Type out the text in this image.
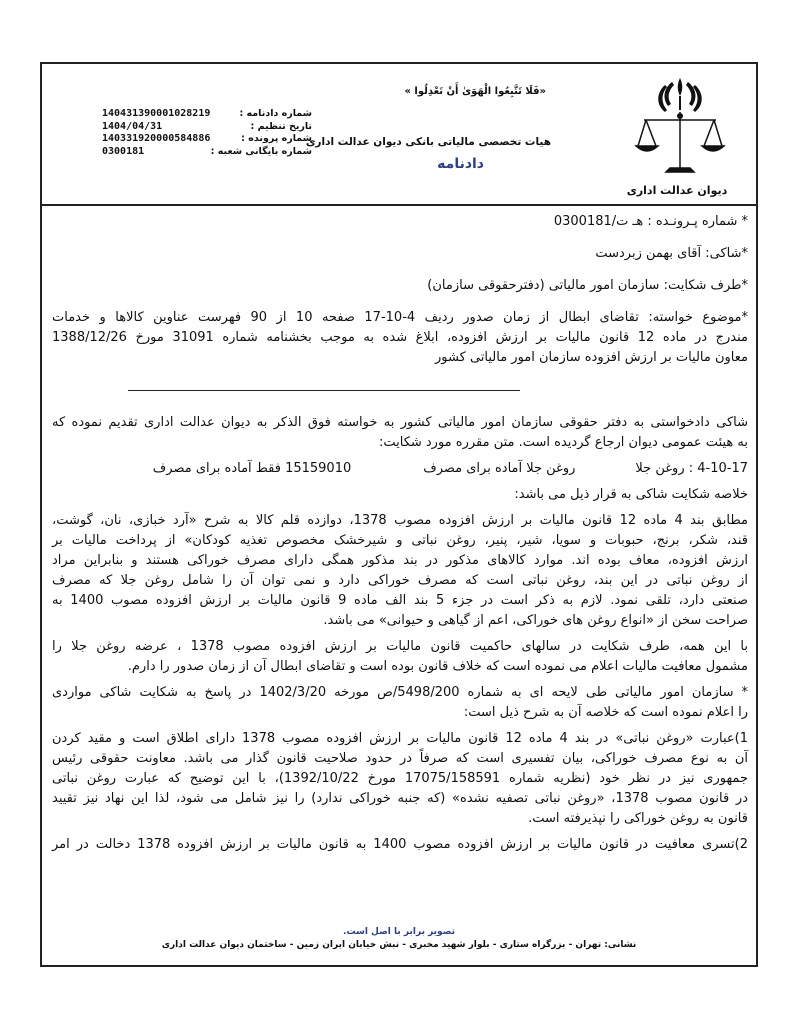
دیوان عدالت اداری
«فَلَا تَتَّبِعُوا الْهَوَىٰ أَنْ تَعْدِلُوا »
هیات تخصصی مالیاتی بانکی دیوان عدالت اداری
دادنامه
شماره دادنامه :
140431390001028219
تاریخ تنظیم :
1404/04/31
شماره پرونده :
140331920000584886
شماره بایگانی شعبه :
0300181

* شماره پـرونـده : هـ ت/0300181

*شاکی: آقای بهمن زبردست

*طرف شکایت: سازمان امور مالیاتی (دفترحقوقی سازمان)

*موضوع خواسته: تقاضای ابطال از زمان صدور ردیف 4-10-17 صفحه 10 از 90 فهرست عناوین کالاها و خدمات

مندرج در ماده 12 قانون مالیات بر ارزش افزوده، ابلاغ شده به موجب بخشنامه شماره 31091 مورخ 1388/12/26

معاون مالیات بر ارزش افزوده سازمان امور مالیاتی کشور

شاکی دادخواستی به دفتر حقوقی سازمان امور مالیاتی کشور به خواسته فوق الذکر به دیوان عدالت اداری تقدیم نموده که

به هیئت عمومی دیوان ارجاع گردیده است. متن مقرره مورد شکایت:

4-10-17 : روغن جلا
روغن جلا آماده برای مصرف
15159010 فقط آماده برای مصرف

خلاصه شکایت شاکی به قرار ذیل می باشد:

مطابق بند 4 ماده 12 قانون مالیات بر ارزش افزوده مصوب 1378، دوازده قلم کالا به شرح «آرد خبازی، نان، گوشت،

قند، شکر، برنج، حبوبات و سویا، شیر، پنیر، روغن نباتی و شیرخشک مخصوص تغذیه کودکان» از پرداخت مالیات بر

ارزش افزوده، معاف بوده اند. موارد کالاهای مذکور در بند مذکور همگی دارای مصرف خوراکی هستند و بنابراین مراد

از روغن نباتی در این بند، روغن نباتی است که مصرف خوراکی دارد و نمی توان آن را شامل روغن جلا که مصرف

صنعتی دارد، تلقی نمود. لازم به ذکر است در جزء 5 بند الف ماده 9 قانون مالیات بر ارزش افزوده مصوب 1400 به

صراحت سخن از «انواع روغن های خوراکی، اعم از گیاهی و حیوانی» می باشد.

با این همه، طرف شکایت در سالهای حاکمیت قانون مالیات بر ارزش افزوده مصوب 1378 ، عرضه روغن جلا را

مشمول معافیت مالیات اعلام می نموده است که خلاف قانون بوده است و تقاضای ابطال آن از زمان صدور را دارم.

* سازمان امور مالیاتی طی لایحه ای به شماره 5498/200/ص مورخه 1402/3/20 در پاسخ به شکایت شاکی مواردی

را اعلام نموده است که خلاصه آن به شرح ذیل است:

1)عبارت «روغن نباتی» در بند 4 ماده 12 قانون مالیات بر ارزش افزوده مصوب 1378 دارای اطلاق است و مقید کردن

آن به نوع مصرف خوراکی، بیان تفسیری است که صرفاً در حدود صلاحیت قانون گذار می باشد. معاونت حقوقی رئیس

جمهوری نیز در نظر خود (نظریه شماره 17075/158591 مورخ 1392/10/22)، با این توضیح که عبارت روغن نباتی

در قانون مصوب 1378، «روغن نباتی تصفیه نشده» (که جنبه خوراکی ندارد) را نیز شامل می شود، لذا این نهاد نیز تقیید

قانون به روغن خوراکی را نپذیرفته است.

2)تسری معافیت در قانون مالیات بر ارزش افزوده مصوب 1400 به قانون مالیات بر ارزش افزوده 1378 دخالت در امر

تصویر برابر با اصل است.
نشانی: تهران - بزرگراه ستاری - بلوار شهید مخبری - نبش خیابان ایران زمین - ساختمان دیوان عدالت اداری
